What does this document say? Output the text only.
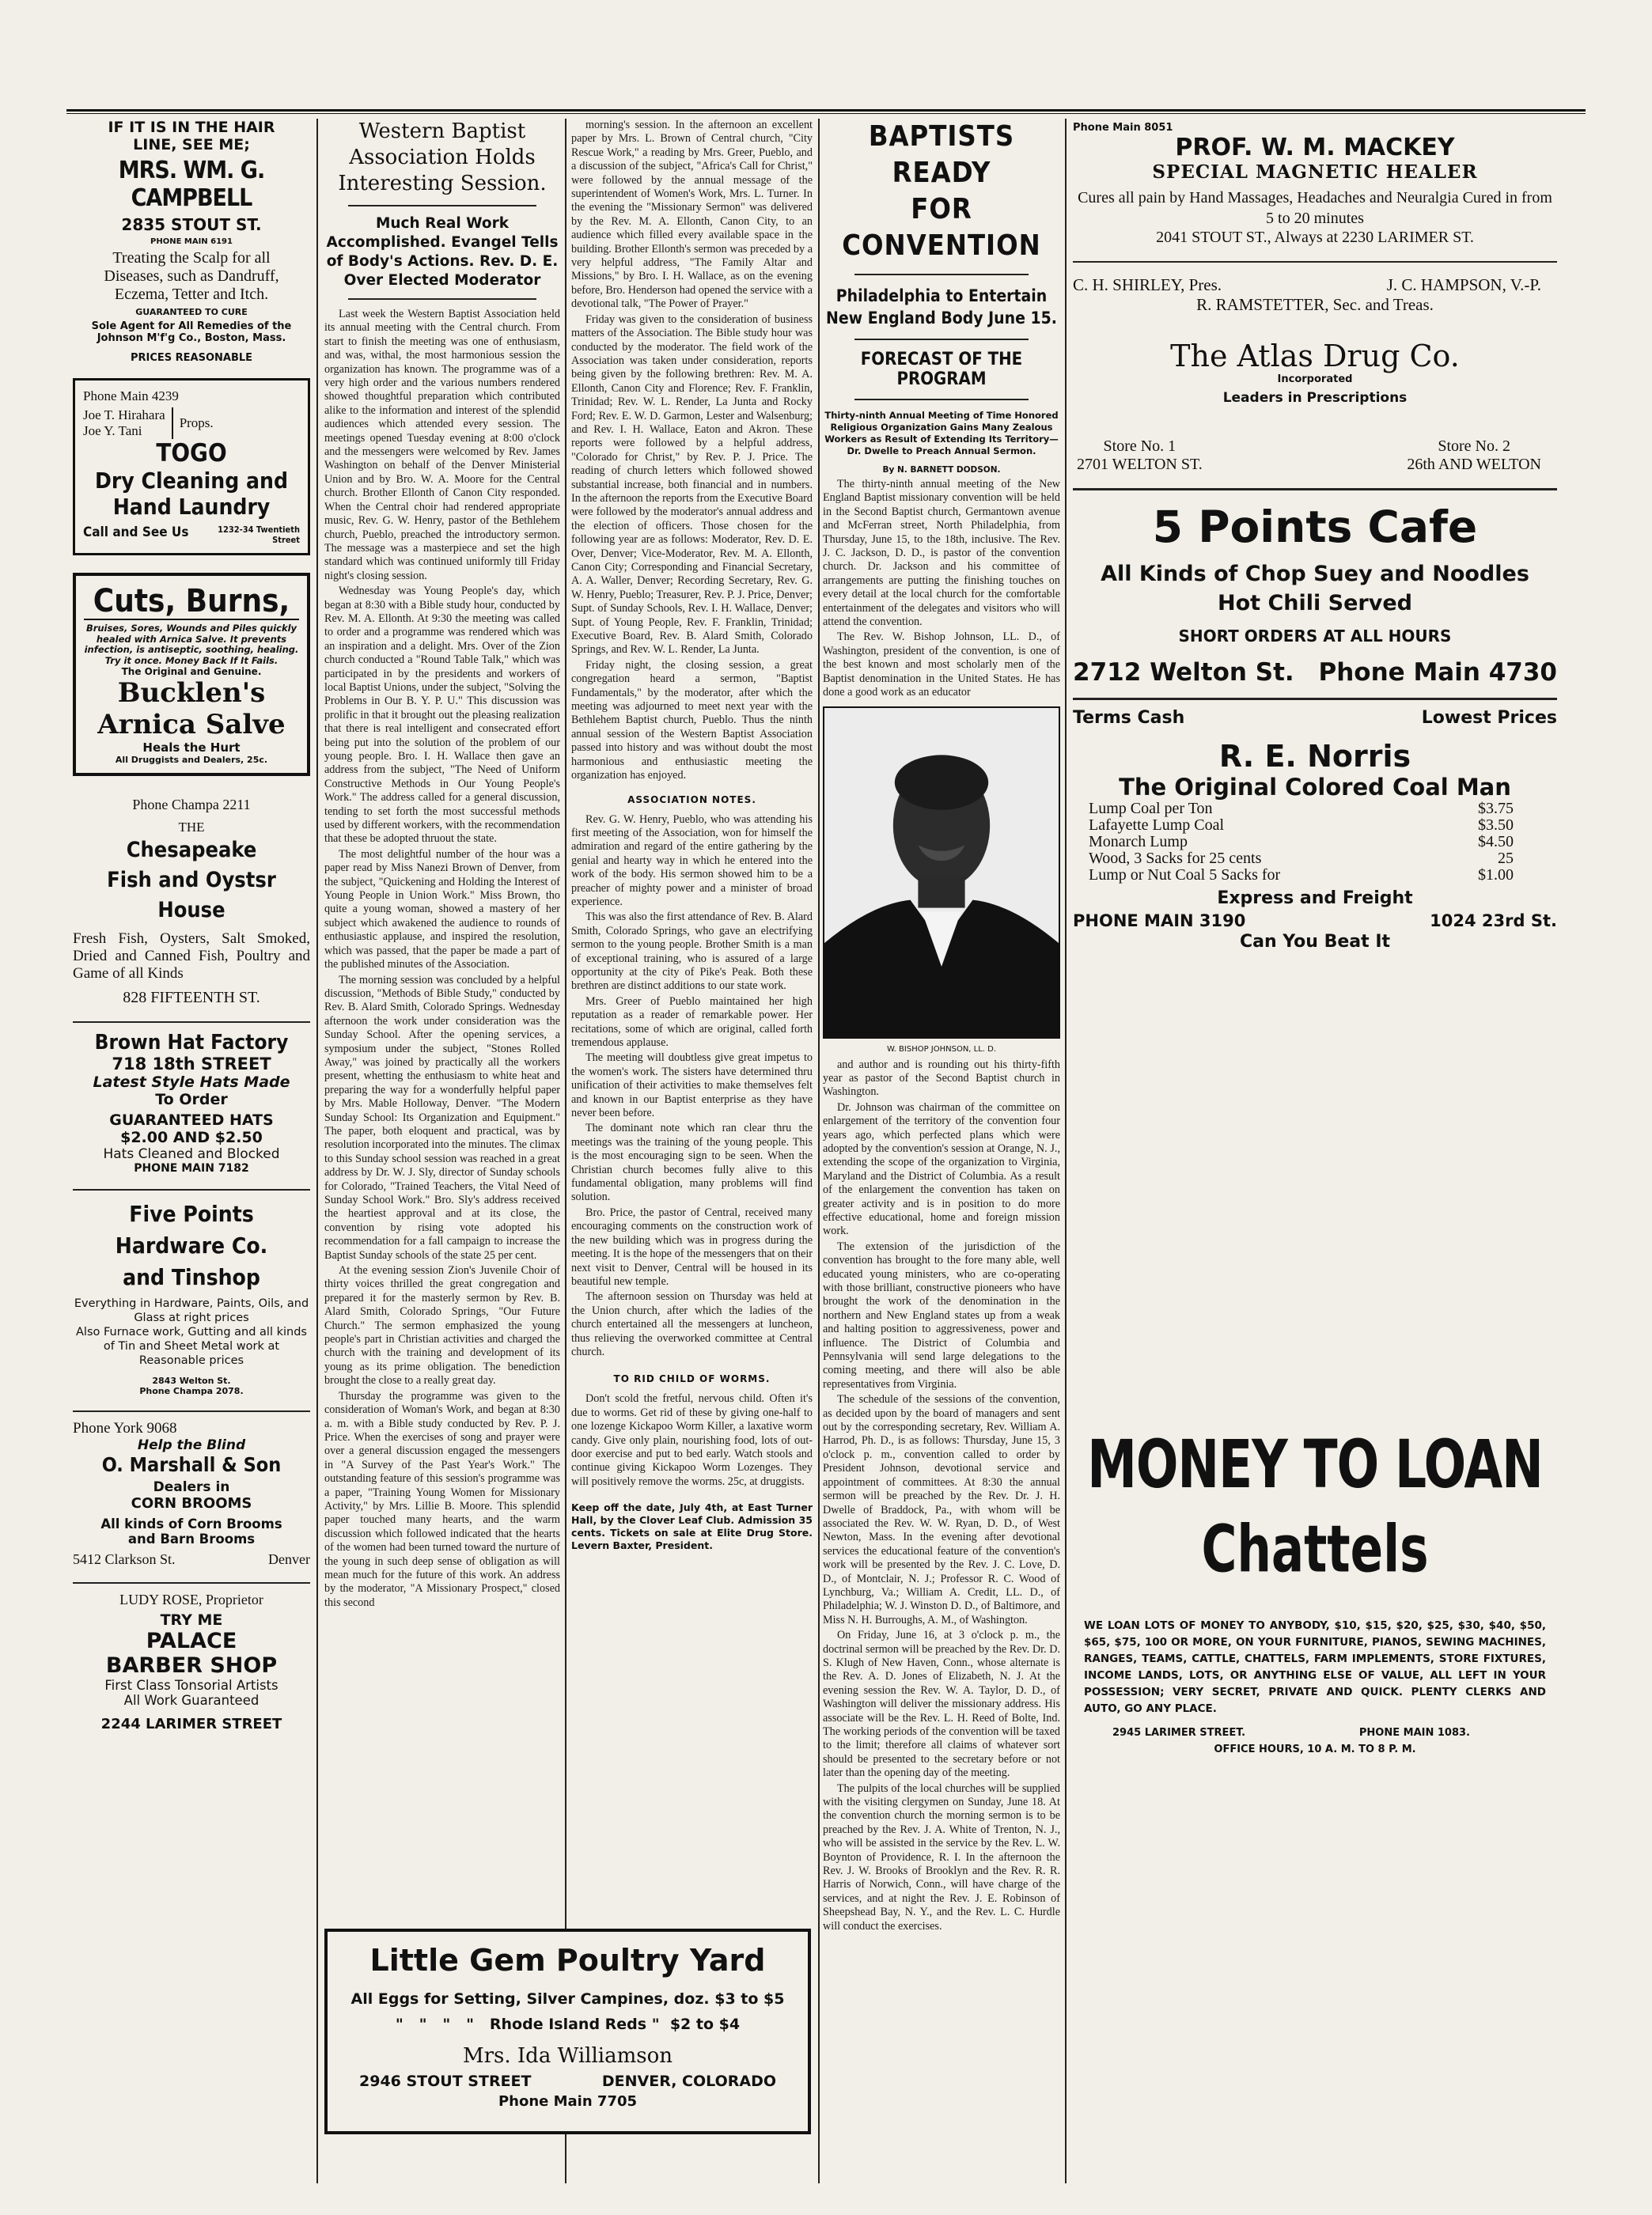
IF IT IS IN THE HAIR
LINE, SEE ME;
MRS. WM. G. CAMPBELL
2835 STOUT ST.
PHONE MAIN 6191
Treating the Scalp for all
Diseases, such as Dandruff,
Eczema, Tetter and Itch.
GUARANTEED TO CURE
Sole Agent for All Remedies of the Johnson M'f'g Co., Boston, Mass.
PRICES REASONABLE
Phone Main 4239
Joe T. Hirahara
Joe Y. Tani
Props.
TOGO
Dry Cleaning and
Hand Laundry
Call and See Us	1232-34 Twentieth Street
Cuts, Burns,
Bruises, Sores, Wounds and Piles quickly healed with Arnica Salve. It prevents infection, is antiseptic, soothing, healing. Try it once. Money Back If It Fails.
The Original and Genuine.
Bucklen's
Arnica Salve
Heals the Hurt
All Druggists and Dealers, 25c.
Phone Champa 2211
THE
Chesapeake
Fish and Oystsr
House
Fresh Fish, Oysters, Salt Smoked, Dried and Canned Fish, Poultry and Game of all Kinds
828 FIFTEENTH ST.
Brown Hat Factory
718 18th STREET
Latest Style Hats Made
To Order
GUARANTEED HATS
$2.00 AND $2.50
Hats Cleaned and Blocked
PHONE MAIN 7182
Five Points
Hardware Co.
and Tinshop
Everything in Hardware, Paints, Oils, and Glass at right prices
Also Furnace work, Gutting and all kinds of Tin and Sheet Metal work at Reasonable prices
2843 Welton St.
Phone Champa 2078.
Phone York 9068
Help the Blind
O. Marshall & Son
Dealers in
CORN BROOMS
All kinds of Corn Brooms
and Barn Brooms
5412 Clarkson St.	Denver
LUDY ROSE, Proprietor
TRY ME
PALACE
BARBER SHOP
First Class Tonsorial Artists
All Work Guaranteed
2244 LARIMER STREET
Western Baptist Association Holds Interesting Session.
Much Real Work Accomplished. Evangel Tells of Body's Actions. Rev. D. E. Over Elected Moderator

Last week the Western Baptist Association held its annual meeting with the Central church. From start to finish the meeting was one of enthusiasm, and was, withal, the most harmonious session the organization has known. The programme was of a very high order and the various numbers rendered showed thoughtful preparation which contributed alike to the information and interest of the splendid audiences which attended every session. The meetings opened Tuesday evening at 8:00 o'clock and the messengers were welcomed by Rev. James Washington on behalf of the Denver Ministerial Union and by Bro. W. A. Moore for the Central church. Brother Ellonth of Canon City responded. When the Central choir had rendered appropriate music, Rev. G. W. Henry, pastor of the Bethlehem church, Pueblo, preached the introductory sermon. The message was a masterpiece and set the high standard which was continued uniformly till Friday night's closing session.

Wednesday was Young People's day, which began at 8:30 with a Bible study hour, conducted by Rev. M. A. Ellonth. At 9:30 the meeting was called to order and a programme was rendered which was an inspiration and a delight. Mrs. Over of the Zion church conducted a "Round Table Talk," which was participated in by the presidents and workers of local Baptist Unions, under the subject, "Solving the Problems in Our B. Y. P. U." This discussion was prolific in that it brought out the pleasing realization that there is real intelligent and consecrated effort being put into the solution of the problem of our young people. Bro. I. H. Wallace then gave an address from the subject, "The Need of Uniform Constructive Methods in Our Young People's Work." The address called for a general discussion, tending to set forth the most successful methods used by different workers, with the recommendation that these be adopted thruout the state.

The most delightful number of the hour was a paper read by Miss Nanezi Brown of Denver, from the subject, "Quickening and Holding the Interest of Young People in Union Work." Miss Brown, tho quite a young woman, showed a mastery of her subject which awakened the audience to rounds of enthusiastic applause, and inspired the resolution, which was passed, that the paper be made a part of the published minutes of the Association.

The morning session was concluded by a helpful discussion, "Methods of Bible Study," conducted by Rev. B. Alard Smith, Colorado Springs. Wednesday afternoon the work under consideration was the Sunday School. After the opening services, a symposium under the subject, "Stones Rolled Away," was joined by practically all the workers present, whetting the enthusiasm to white heat and preparing the way for a wonderfully helpful paper by Mrs. Mable Holloway, Denver. "The Modern Sunday School: Its Organization and Equipment." The paper, both eloquent and practical, was by resolution incorporated into the minutes. The climax to this Sunday school session was reached in a great address by Dr. W. J. Sly, director of Sunday schools for Colorado, "Trained Teachers, the Vital Need of Sunday School Work." Bro. Sly's address received the heartiest approval and at its close, the convention by rising vote adopted his recommendation for a fall campaign to increase the Baptist Sunday schools of the state 25 per cent.

At the evening session Zion's Juvenile Choir of thirty voices thrilled the great congregation and prepared it for the masterly sermon by Rev. B. Alard Smith, Colorado Springs, "Our Future Church." The sermon emphasized the young people's part in Christian activities and charged the church with the training and development of its young as its prime obligation. The benediction brought the close to a really great day.

Thursday the programme was given to the consideration of Woman's Work, and began at 8:30 a. m. with a Bible study conducted by Rev. P. J. Price. When the exercises of song and prayer were over a general discussion engaged the messengers in "A Survey of the Past Year's Work." The outstanding feature of this session's programme was a paper, "Training Young Women for Missionary Activity," by Mrs. Lillie B. Moore. This splendid paper touched many hearts, and the warm discussion which followed indicated that the hearts of the women had been turned toward the nurture of the young in such deep sense of obligation as will mean much for the future of this work. An address by the moderator, "A Missionary Prospect," closed this second

morning's session. In the afternoon an excellent paper by Mrs. L. Brown of Central church, "City Rescue Work," a reading by Mrs. Greer, Pueblo, and a discussion of the subject, "Africa's Call for Christ," were followed by the annual message of the superintendent of Women's Work, Mrs. L. Turner. In the evening the "Missionary Sermon" was delivered by the Rev. M. A. Ellonth, Canon City, to an audience which filled every available space in the building. Brother Ellonth's sermon was preceded by a very helpful address, "The Family Altar and Missions," by Bro. I. H. Wallace, as on the evening before, Bro. Henderson had opened the service with a devotional talk, "The Power of Prayer."

Friday was given to the consideration of business matters of the Association. The Bible study hour was conducted by the moderator. The field work of the Association was taken under consideration, reports being given by the following brethren: Rev. M. A. Ellonth, Canon City and Florence; Rev. F. Franklin, Trinidad; Rev. W. L. Render, La Junta and Rocky Ford; Rev. E. W. D. Garmon, Lester and Walsenburg; and Rev. I. H. Wallace, Eaton and Akron. These reports were followed by a helpful address, "Colorado for Christ," by Rev. P. J. Price. The reading of church letters which followed showed substantial increase, both financial and in numbers. In the afternoon the reports from the Executive Board were followed by the moderator's annual address and the election of officers. Those chosen for the following year are as follows: Moderator, Rev. D. E. Over, Denver; Vice-Moderator, Rev. M. A. Ellonth, Canon City; Corresponding and Financial Secretary, A. A. Waller, Denver; Recording Secretary, Rev. G. W. Henry, Pueblo; Treasurer, Rev. P. J. Price, Denver; Supt. of Sunday Schools, Rev. I. H. Wallace, Denver; Supt. of Young People, Rev. F. Franklin, Trinidad; Executive Board, Rev. B. Alard Smith, Colorado Springs, and Rev. W. L. Render, La Junta.

Friday night, the closing session, a great congregation heard a sermon, "Baptist Fundamentals," by the moderator, after which the meeting was adjourned to meet next year with the Bethlehem Baptist church, Pueblo. Thus the ninth annual session of the Western Baptist Association passed into history and was without doubt the most harmonious and enthusiastic meeting the organization has enjoyed.

ASSOCIATION NOTES.

Rev. G. W. Henry, Pueblo, who was attending his first meeting of the Association, won for himself the admiration and regard of the entire gathering by the genial and hearty way in which he entered into the work of the body. His sermon showed him to be a preacher of mighty power and a minister of broad experience.

This was also the first attendance of Rev. B. Alard Smith, Colorado Springs, who gave an electrifying sermon to the young people. Brother Smith is a man of exceptional training, who is assured of a large opportunity at the city of Pike's Peak. Both these brethren are distinct additions to our state work.

Mrs. Greer of Pueblo maintained her high reputation as a reader of remarkable power. Her recitations, some of which are original, called forth tremendous applause.

The meeting will doubtless give great impetus to the women's work. The sisters have determined thru unification of their activities to make themselves felt and known in our Baptist enterprise as they have never been before.

The dominant note which ran clear thru the meetings was the training of the young people. This is the most encouraging sign to be seen. When the Christian church becomes fully alive to this fundamental obligation, many problems will find solution.

Bro. Price, the pastor of Central, received many encouraging comments on the construction work of the new building which was in progress during the meeting. It is the hope of the messengers that on their next visit to Denver, Central will be housed in its beautiful new temple.

The afternoon session on Thursday was held at the Union church, after which the ladies of the church entertained all the messengers at luncheon, thus relieving the overworked committee at Central church.

TO RID CHILD OF WORMS.

Don't scold the fretful, nervous child. Often it's due to worms. Get rid of these by giving one-half to one lozenge Kickapoo Worm Killer, a laxative worm candy. Give only plain, nourishing food, lots of out-door exercise and put to bed early. Watch stools and continue giving Kickapoo Worm Lozenges. They will positively remove the worms. 25c, at druggists.

Keep off the date, July 4th, at East Turner Hall, by the Clover Leaf Club. Admission 35 cents. Tickets on sale at Elite Drug Store. Levern Baxter, President.
Little Gem Poultry Yard
All Eggs for Setting, Silver Campines, doz. $3 to $5
"   "   "   "   Rhode Island Reds "  $2 to $4
Mrs. Ida Williamson
2946 STOUT STREET	DENVER, COLORADO
Phone Main 7705
BAPTISTS READY
FOR CONVENTION
Philadelphia to Entertain New England Body June 15.
FORECAST OF THE PROGRAM
Thirty-ninth Annual Meeting of Time Honored Religious Organization Gains Many Zealous Workers as Result of Extending Its Territory—Dr. Dwelle to Preach Annual Sermon.
By N. BARNETT DODSON.

The thirty-ninth annual meeting of the New England Baptist missionary convention will be held in the Second Baptist church, Germantown avenue and McFerran street, North Philadelphia, from Thursday, June 15, to the 18th, inclusive. The Rev. J. C. Jackson, D. D., is pastor of the convention church. Dr. Jackson and his committee of arrangements are putting the finishing touches on every detail at the local church for the comfortable entertainment of the delegates and visitors who will attend the convention.

The Rev. W. Bishop Johnson, LL. D., of Washington, president of the convention, is one of the best known and most scholarly men of the Baptist denomination in the United States. He has done a good work as an educator

W. BISHOP JOHNSON, LL. D.

and author and is rounding out his thirty-fifth year as pastor of the Second Baptist church in Washington.

Dr. Johnson was chairman of the committee on enlargement of the territory of the convention four years ago, which perfected plans which were adopted by the convention's session at Orange, N. J., extending the scope of the organization to Virginia, Maryland and the District of Columbia. As a result of the enlargement the convention has taken on greater activity and is in position to do more effective educational, home and foreign mission work.

The extension of the jurisdiction of the convention has brought to the fore many able, well educated young ministers, who are co-operating with those brilliant, constructive pioneers who have brought the work of the denomination in the northern and New England states up from a weak and halting position to aggressiveness, power and influence. The District of Columbia and Pennsylvania will send large delegations to the coming meeting, and there will also be able representatives from Virginia.

The schedule of the sessions of the convention, as decided upon by the board of managers and sent out by the corresponding secretary, Rev. William A. Harrod, Ph. D., is as follows: Thursday, June 15, 3 o'clock p. m., convention called to order by President Johnson, devotional service and appointment of committees. At 8:30 the annual sermon will be preached by the Rev. Dr. J. H. Dwelle of Braddock, Pa., with whom will be associated the Rev. W. W. Ryan, D. D., of West Newton, Mass. In the evening after devotional services the educational feature of the convention's work will be presented by the Rev. J. C. Love, D. D., of Montclair, N. J.; Professor R. C. Wood of Lynchburg, Va.; William A. Credit, LL. D., of Philadelphia; W. J. Winston D. D., of Baltimore, and Miss N. H. Burroughs, A. M., of Washington.

On Friday, June 16, at 3 o'clock p. m., the doctrinal sermon will be preached by the Rev. Dr. D. S. Klugh of New Haven, Conn., whose alternate is the Rev. A. D. Jones of Elizabeth, N. J. At the evening session the Rev. W. A. Taylor, D. D., of Washington will deliver the missionary address. His associate will be the Rev. L. H. Reed of Bolte, Ind. The working periods of the convention will be taxed to the limit; therefore all claims of whatever sort should be presented to the secretary before or not later than the opening day of the meeting.

The pulpits of the local churches will be supplied with the visiting clergymen on Sunday, June 18. At the convention church the morning sermon is to be preached by the Rev. J. A. White of Trenton, N. J., who will be assisted in the service by the Rev. L. W. Boynton of Providence, R. I. In the afternoon the Rev. J. W. Brooks of Brooklyn and the Rev. R. R. Harris of Norwich, Conn., will have charge of the services, and at night the Rev. J. E. Robinson of Sheepshead Bay, N. Y., and the Rev. L. C. Hurdle will conduct the exercises.

Phone Main 8051
PROF. W. M. MACKEY
SPECIAL MAGNETIC HEALER
Cures all pain by Hand Massages, Headaches and Neuralgia Cured in from 5 to 20 minutes
2041 STOUT ST., Always at 2230 LARIMER ST.
C. H. SHIRLEY, Pres.	J. C. HAMPSON, V.-P.
R. RAMSTETTER, Sec. and Treas.
The Atlas Drug Co.
Incorporated
Leaders in Prescriptions
Store No. 1
2701 WELTON ST.
Store No. 2
26th AND WELTON
5 Points Cafe
All Kinds of Chop Suey and Noodles
Hot Chili Served
SHORT ORDERS AT ALL HOURS
2712 Welton St. Phone Main 4730
Terms Cash	Lowest Prices
R. E. Norris
The Original Colored Coal Man
Lump Coal per Ton	$3.75
Lafayette Lump Coal	$3.50
Monarch Lump	$4.50
Wood, 3 Sacks for 25 cents	25
Lump or Nut Coal 5 Sacks for	$1.00
Express and Freight
PHONE MAIN 3190	1024 23rd St.
Can You Beat It
MONEY TO LOAN
Chattels
WE LOAN LOTS OF MONEY TO ANYBODY, $10, $15, $20, $25, $30, $40, $50, $65, $75, 100 OR MORE, ON YOUR FURNITURE, PIANOS, SEWING MACHINES, RANGES, TEAMS, CATTLE, CHATTELS, FARM IMPLEMENTS, STORE FIXTURES, INCOME LANDS, LOTS, OR ANYTHING ELSE OF VALUE, ALL LEFT IN YOUR POSSESSION; VERY SECRET, PRIVATE AND QUICK. PLENTY CLERKS AND AUTO, GO ANY PLACE.
2945 LARIMER STREET.	PHONE MAIN 1083.
OFFICE HOURS, 10 A. M. TO 8 P. M.
